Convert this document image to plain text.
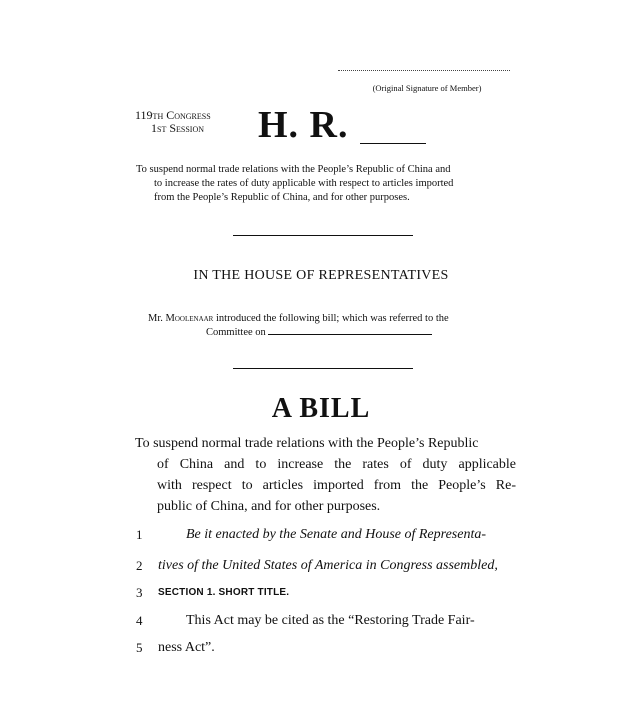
(Original Signature of Member)
119th Congress
1st Session H. R.

To suspend normal trade relations with the People’s Republic of China and
to increase the rates of duty applicable with respect to articles imported
from the People’s Republic of China, and for other purposes.

IN THE HOUSE OF REPRESENTATIVES
Mr. Moolenaar introduced the following bill; which was referred to the
Committee on
A BILL
To suspend normal trade relations with the People’s Republic
of China and to increase the rates of duty applicable
with respect to articles imported from the People’s Re-
public of China, and for other purposes.
1	Be it enacted by the Senate and House of Representa-
2	tives of the United States of America in Congress assembled,
3	SECTION 1. SHORT TITLE.
4	This Act may be cited as the “Restoring Trade Fair-
5	ness Act”.
